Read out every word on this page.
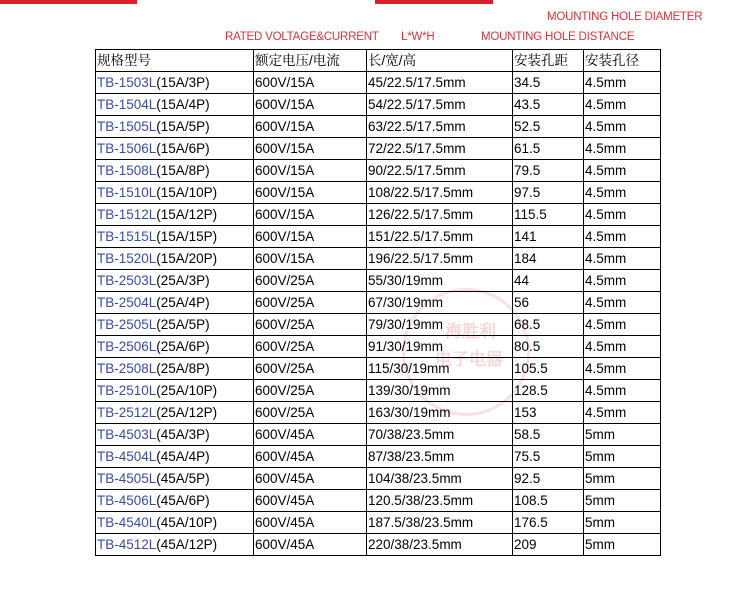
MOUNTING HOLE DIAMETER
RATED VOLTAGE&CURRENT L*W*H	MOUNTING HOLE DISTANCE
海胜利
电子电器
规格型号	额定电压/电流	长/宽/高	安装孔距	安装孔径
TB-1503L(15A/3P)	600V/15A	45/22.5/17.5mm	34.5	4.5mm
TB-1504L(15A/4P)	600V/15A	54/22.5/17.5mm	43.5	4.5mm
TB-1505L(15A/5P)	600V/15A	63/22.5/17.5mm	52.5	4.5mm
TB-1506L(15A/6P)	600V/15A	72/22.5/17.5mm	61.5	4.5mm
TB-1508L(15A/8P)	600V/15A	90/22.5/17.5mm	79.5	4.5mm
TB-1510L(15A/10P)	600V/15A	108/22.5/17.5mm	97.5	4.5mm
TB-1512L(15A/12P)	600V/15A	126/22.5/17.5mm	115.5	4.5mm
TB-1515L(15A/15P)	600V/15A	151/22.5/17.5mm	141	4.5mm
TB-1520L(15A/20P)	600V/15A	196/22.5/17.5mm	184	4.5mm
TB-2503L(25A/3P)	600V/25A	55/30/19mm	44	4.5mm
TB-2504L(25A/4P)	600V/25A	67/30/19mm	56	4.5mm
TB-2505L(25A/5P)	600V/25A	79/30/19mm	68.5	4.5mm
TB-2506L(25A/6P)	600V/25A	91/30/19mm	80.5	4.5mm
TB-2508L(25A/8P)	600V/25A	115/30/19mm	105.5	4.5mm
TB-2510L(25A/10P)	600V/25A	139/30/19mm	128.5	4.5mm
TB-2512L(25A/12P)	600V/25A	163/30/19mm	153	4.5mm
TB-4503L(45A/3P)	600V/45A	70/38/23.5mm	58.5	5mm
TB-4504L(45A/4P)	600V/45A	87/38/23.5mm	75.5	5mm
TB-4505L(45A/5P)	600V/45A	104/38/23.5mm	92.5	5mm
TB-4506L(45A/6P)	600V/45A	120.5/38/23.5mm	108.5	5mm
TB-4540L(45A/10P)	600V/45A	187.5/38/23.5mm	176.5	5mm
TB-4512L(45A/12P)	600V/45A	220/38/23.5mm	209	5mm
